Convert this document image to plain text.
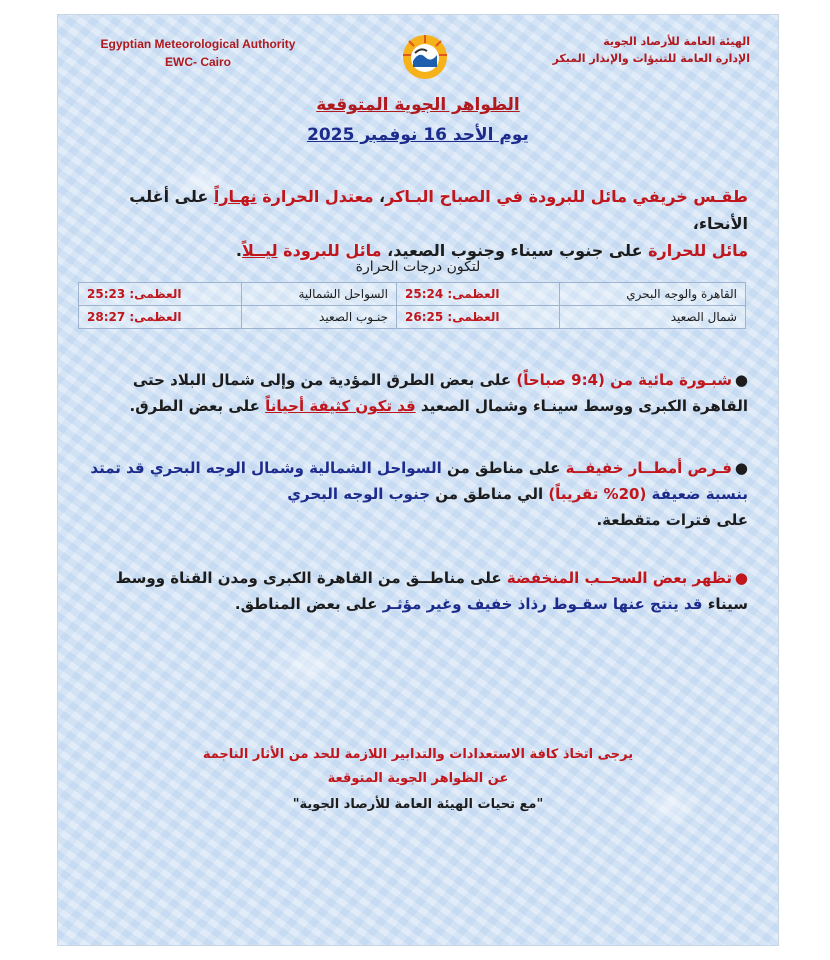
Egyptian Meteorological Authority
EWC- Cairo
الهيئة العامة للأرصاد الجوية
الإدارة العامة للتنبؤات والإنذار المبكر
الظواهر الجوية المتوقعة
يوم الأحد 16 نوفمبر 2025
طقـس خريفي مائل للبرودة في الصباح البـاكر، معتدل الحرارة نهـاراً على أغلب الأنحاء،
مائل للحرارة على جنوب سيناء وجنوب الصعيد، مائل للبرودة ليــلاً.
لتكون درجات الحرارة
القاهرة والوجه البحري	العظمى: 25:24	السواحل الشمالية	العظمى: 25:23
شمال الصعيد	العظمى: 26:25	جنـوب الصعيد	العظمى: 28:27
●شبـورة مائية من (9:4 صباحاً) على بعض الطرق المؤدية من وإلى شمال البلاد حتى القاهرة الكبرى ووسط سينـاء وشمال الصعيد قد تكون كثيفة أحياناً على بعض الطرق.
●فـرص أمطــار خفيفــة على مناطق من السواحل الشمالية وشمال الوجه البحري قد تمتد بنسبة ضعيفة (20% تقريباً) الي مناطق من جنوب الوجه البحري
على فترات متقطعة.
●تظهر بعض السحــب المنخفضة على مناطــق من القاهرة الكبرى ومدن القناة ووسط سيناء قد ينتج عنها سقـوط رذاذ خفيف وغير مؤثـر على بعض المناطق.
يرجى اتخاذ كافة الاستعدادات والتدابير اللازمة للحد من الأثار الناجمة
عن الظواهر الجوية المتوقعة
"مع تحيات الهيئة العامة للأرصاد الجوية"
